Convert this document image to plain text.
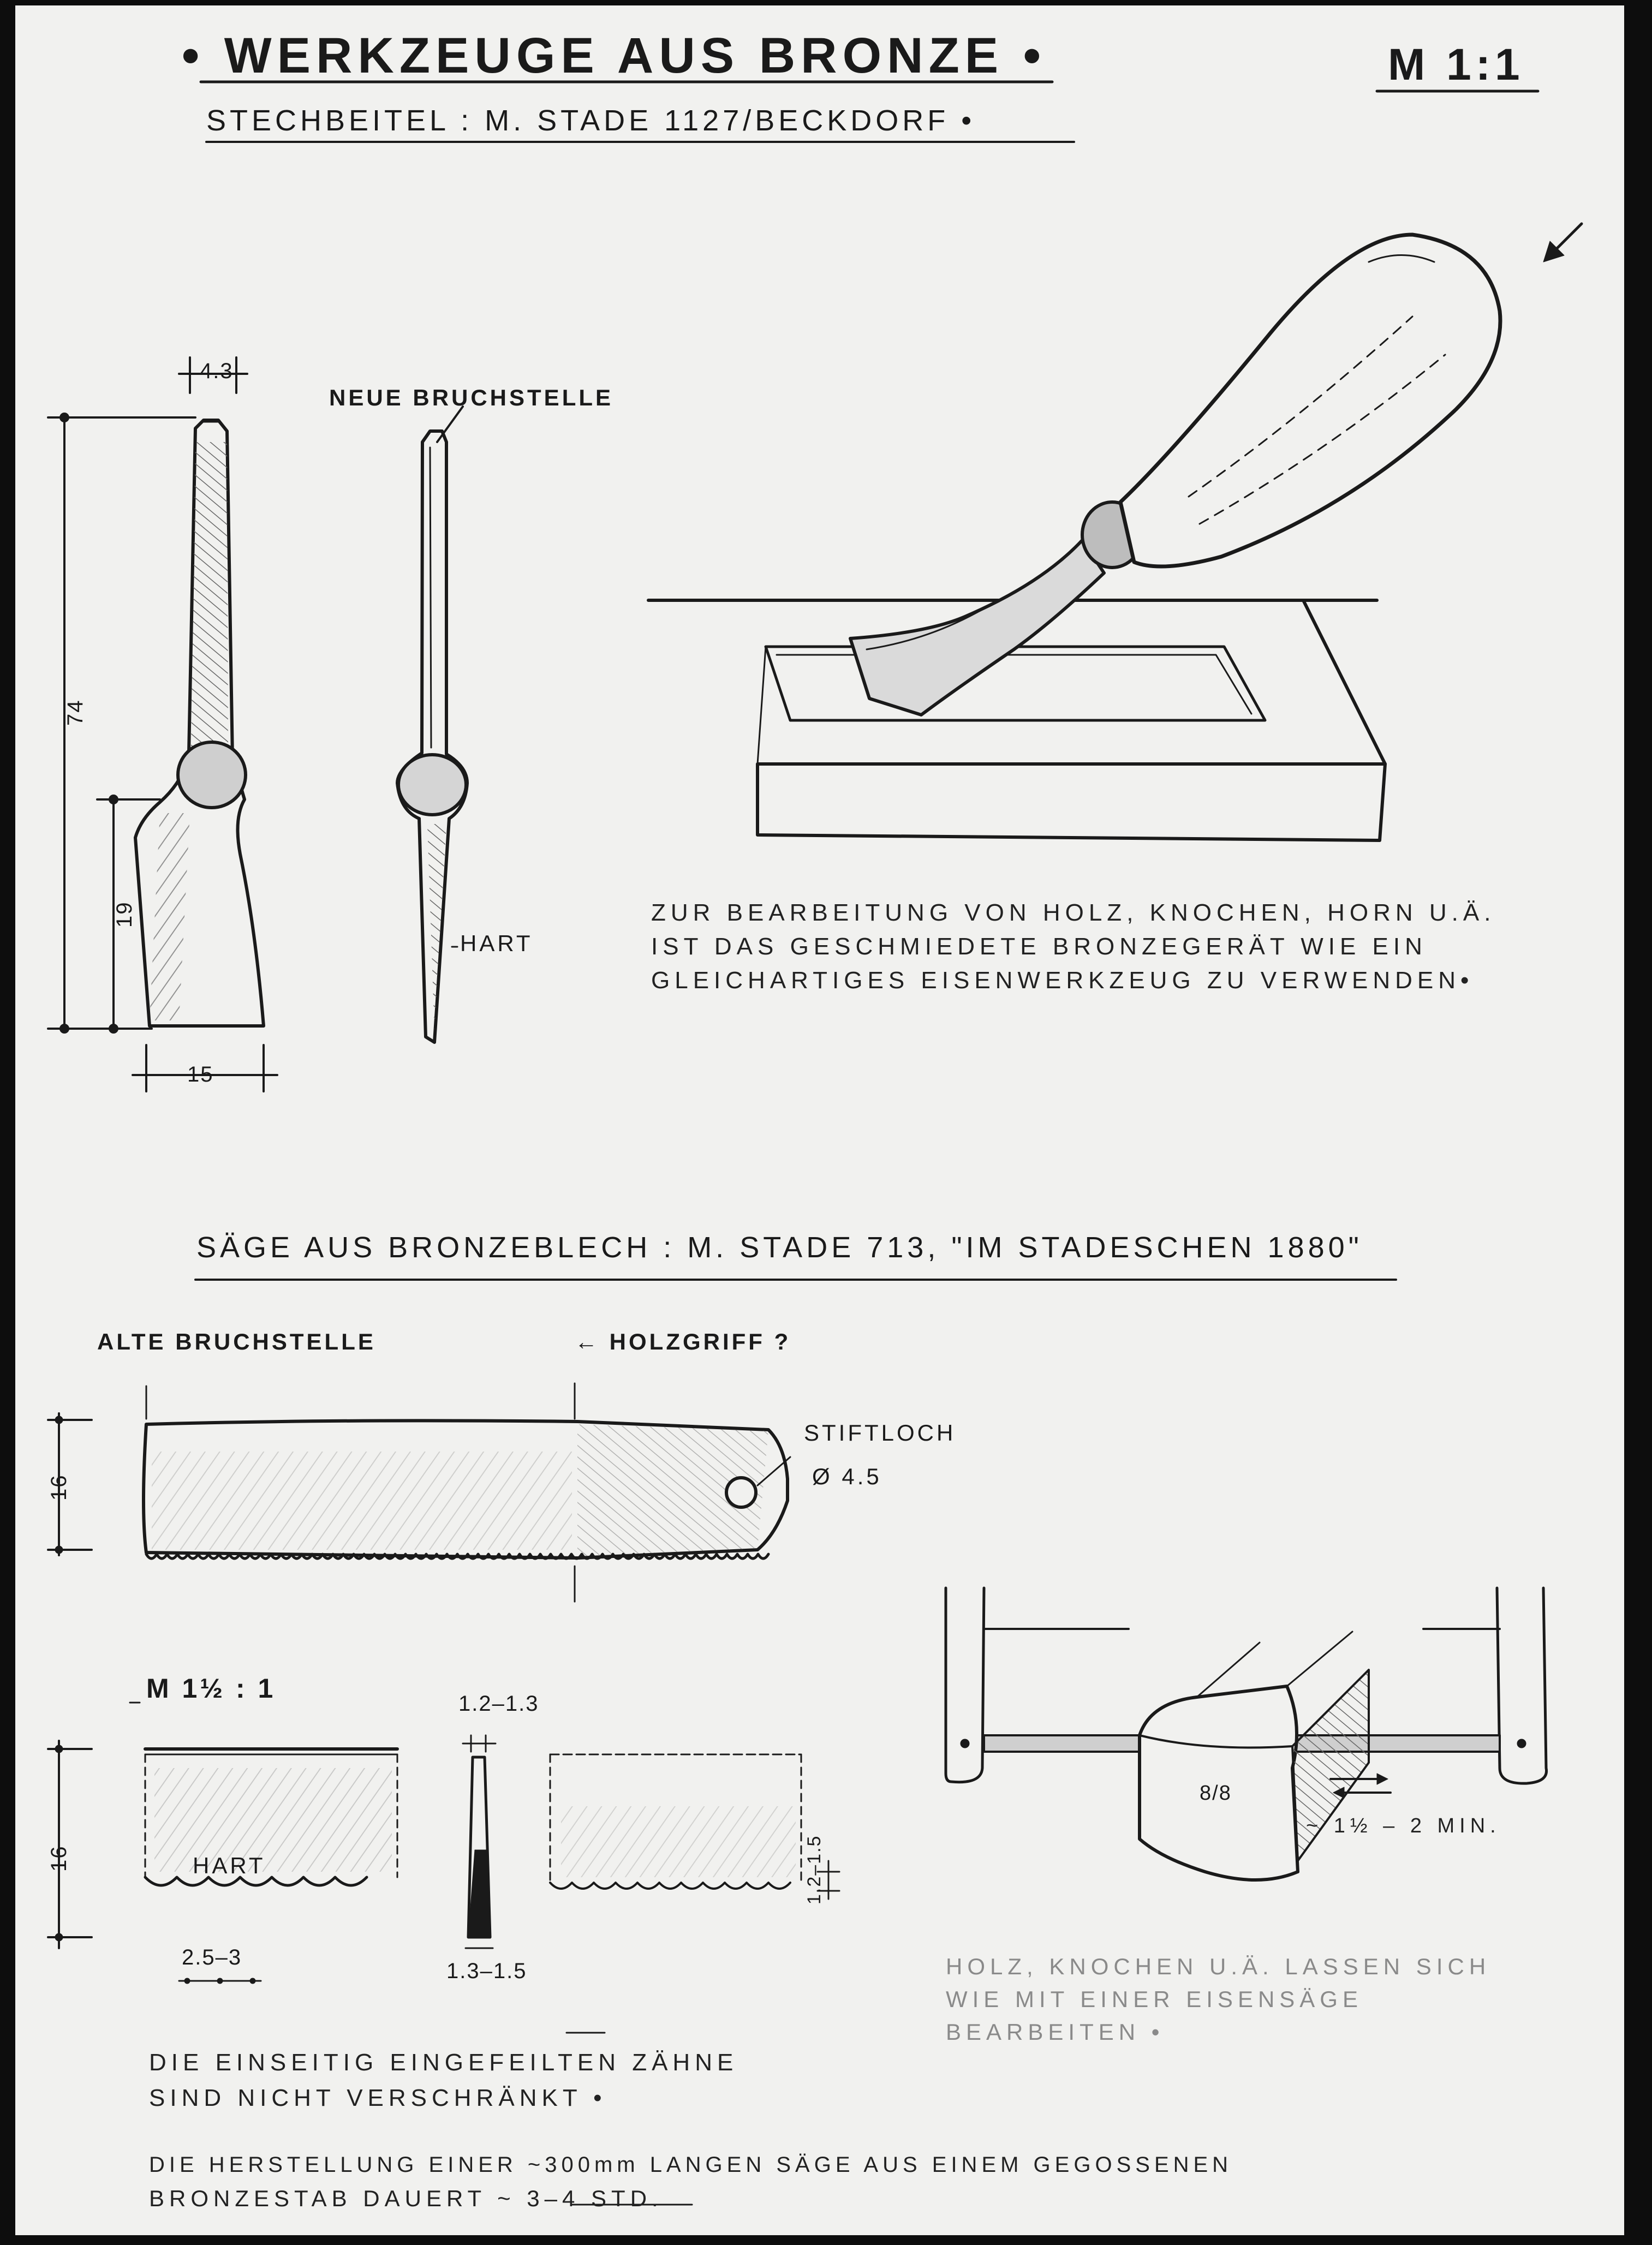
• WERKZEUGE AUS BRONZE •	M 1:1
STECHBEITEL : M. STADE 1127/BECKDORF •
NEUE BRUCHSTELLE
4.3
74
19
15
HART
ZUR BEARBEITUNG VON HOLZ, KNOCHEN, HORN U.Ä.
IST DAS GESCHMIEDETE BRONZEGERÄT WIE EIN
GLEICHARTIGES EISENWERKZEUG ZU VERWENDEN•
SÄGE AUS BRONZEBLECH : M. STADE 713, "IM STADESCHEN 1880"
ALTE BRUCHSTELLE	← HOLZGRIFF ?
STIFTLOCH
Ø 4.5
16
M 1½ : 1
HART
2.5–3
1.2–1.3
1.3–1.5
16	1.2–1.5
8/8
~ 1½ – 2 MIN.
HOLZ, KNOCHEN U.Ä. LASSEN SICH
WIE MIT EINER EISENSÄGE
BEARBEITEN •
DIE EINSEITIG EINGEFEILTEN ZÄHNE
SIND NICHT VERSCHRÄNKT •
DIE HERSTELLUNG EINER ~300mm LANGEN SÄGE AUS EINEM GEGOSSENEN
BRONZESTAB DAUERT ~ 3–4 STD.
